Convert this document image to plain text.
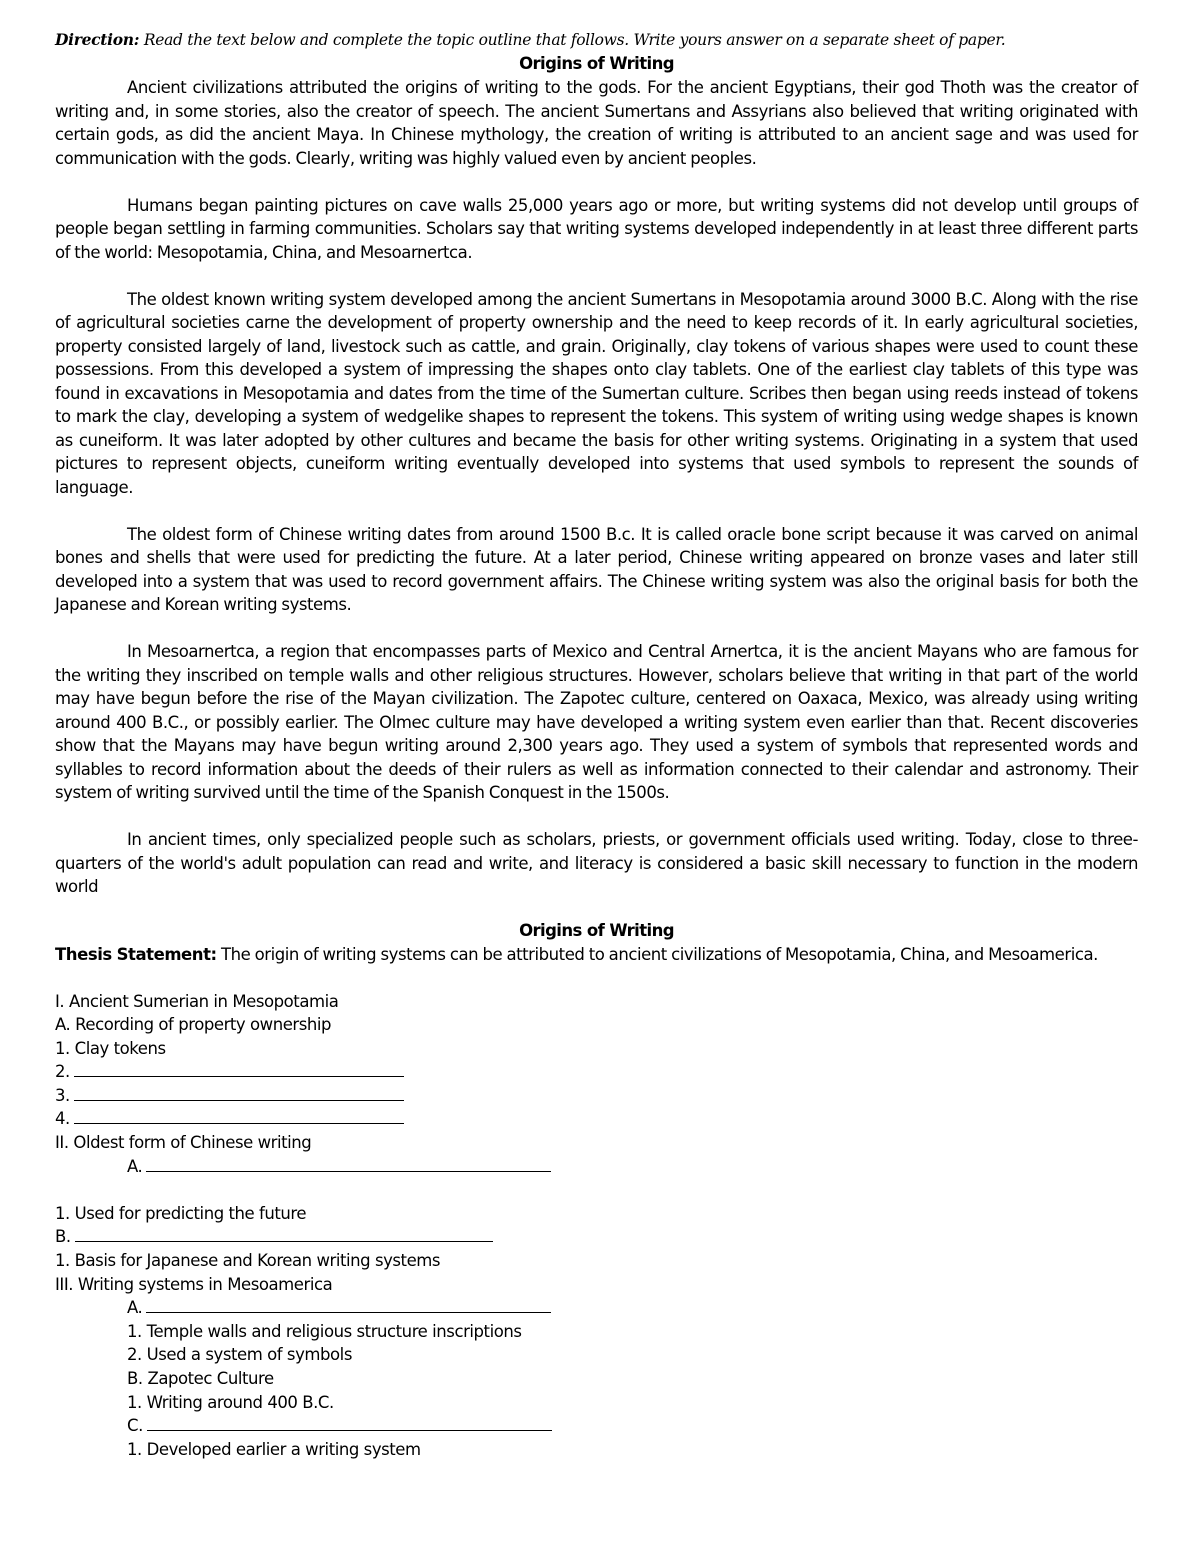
Direction: Read the text below and complete the topic outline that follows. Write yours answer on a separate sheet of paper.
Origins of Writing

Ancient civilizations attributed the origins of writing to the gods. For the ancient Egyptians, their god Thoth was the creator of writing and, in some stories, also the creator of speech. The ancient Sumertans and Assyrians also believed that writing originated with certain gods, as did the ancient Maya. In Chinese mythology, the creation of writing is attributed to an ancient sage and was used for communication with the gods. Clearly, writing was highly valued even by ancient peoples.

Humans began painting pictures on cave walls 25,000 years ago or more, but writing systems did not develop until groups of people began settling in farming communities. Scholars say that writing systems developed independently in at least three different parts of the world: Mesopotamia, China, and Mesoarnertca.

The oldest known writing system developed among the ancient Sumertans in Mesopotamia around 3000 B.C. Along with the rise of agricultural societies carne the development of property ownership and the need to keep records of it. In early agricultural societies, property consisted largely of land, livestock such as cattle, and grain. Originally, clay tokens of various shapes were used to count these possessions. From this developed a system of impressing the shapes onto clay tablets. One of the earliest clay tablets of this type was found in excavations in Mesopotamia and dates from the time of the Sumertan culture. Scribes then began using reeds instead of tokens to mark the clay, developing a system of wedgelike shapes to represent the tokens. This system of writing using wedge shapes is known as cuneiform. It was later adopted by other cultures and became the basis for other writing systems. Originating in a system that used pictures to represent objects, cuneiform writing eventually developed into systems that used symbols to represent the sounds of language.

The oldest form of Chinese writing dates from around 1500 B.c. It is called oracle bone script because it was carved on animal bones and shells that were used for predicting the future. At a later period, Chinese writing appeared on bronze vases and later still developed into a system that was used to record government affairs. The Chinese writing system was also the original basis for both the Japanese and Korean writing systems.

In Mesoarnertca, a region that encompasses parts of Mexico and Central Arnertca, it is the ancient Mayans who are famous for the writing they inscribed on temple walls and other religious structures. However, scholars believe that writing in that part of the world may have begun before the rise of the Mayan civilization. The Zapotec culture, centered on Oaxaca, Mexico, was already using writing around 400 B.C., or possibly earlier. The Olmec culture may have developed a writing system even earlier than that. Recent discoveries show that the Mayans may have begun writing around 2,300 years ago. They used a system of symbols that represented words and syllables to record information about the deeds of their rulers as well as information connected to their calendar and astronomy. Their system of writing survived until the time of the Spanish Conquest in the 1500s.

In ancient times, only specialized people such as scholars, priests, or government officials used writing. Today, close to three-quarters of the world's adult population can read and write, and literacy is considered a basic skill necessary to function in the modern world

Origins of Writing
Thesis Statement: The origin of writing systems can be attributed to ancient civilizations of Mesopotamia, China, and Mesoamerica.
I. Ancient Sumerian in Mesopotamia
A. Recording of property ownership
1. Clay tokens
2.
3.
4.
II. Oldest form of Chinese writing
A.
1. Used for predicting the future
B.
1. Basis for Japanese and Korean writing systems
III. Writing systems in Mesoamerica
A.
1. Temple walls and religious structure inscriptions
2. Used a system of symbols
B. Zapotec Culture
1. Writing around 400 B.C.
C.
1. Developed earlier a writing system
